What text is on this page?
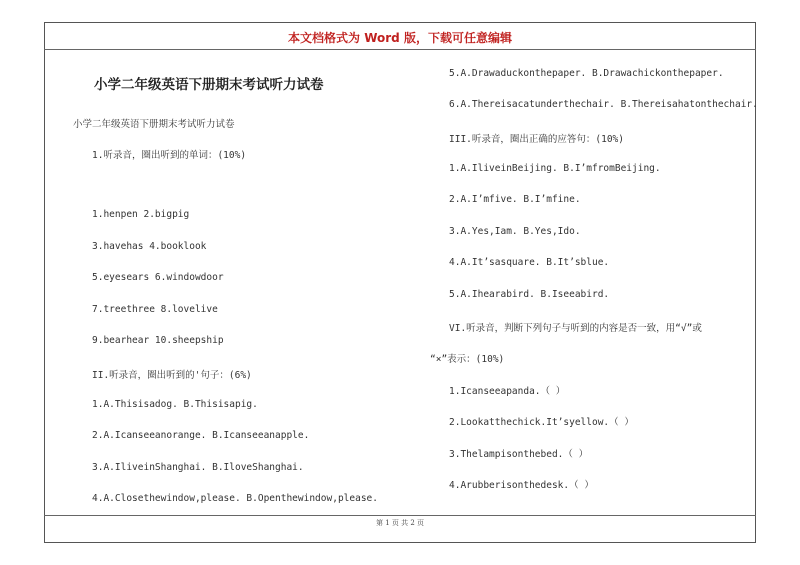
本文档格式为 Word 版，下载可任意编辑
小学二年级英语下册期末考试听力试卷
小学二年级英语下册期末考试听力试卷
1.听录音，圈出听到的单词：(10%)
1.henpen 2.bigpig
3.havehas 4.booklook
5.eyesears 6.windowdoor
7.treethree 8.lovelive
9.bearhear 10.sheepship
II.听录音，圈出听到的'句子：(6%)
1.A.Thisisadog. B.Thisisapig.
2.A.Icanseeanorange. B.Icanseeanapple.
3.A.IliveinShanghai. B.IloveShanghai.
4.A.Closethewindow,please. B.Openthewindow,please.
5.A.Drawaduckonthepaper. B.Drawachickonthepaper.
6.A.Thereisacatunderthechair. B.Thereisahatonthechair.
III.听录音，圈出正确的应答句：(10%)
1.A.IliveinBeijing. B.I’mfromBeijing.
2.A.I’mfive. B.I’mfine.
3.A.Yes,Iam. B.Yes,Ido.
4.A.It’sasquare. B.It’sblue.
5.A.Ihearabird. B.Iseeabird.
VI.听录音，判断下列句子与听到的内容是否一致，用“√”或
“×”表示：(10%)
1.Icanseeapanda.（ ）
2.Lookatthechick.It’syellow.（ ）
3.Thelampisonthebed.（ ）
4.Arubberisonthedesk.（ ）
第 1 页 共 2 页
